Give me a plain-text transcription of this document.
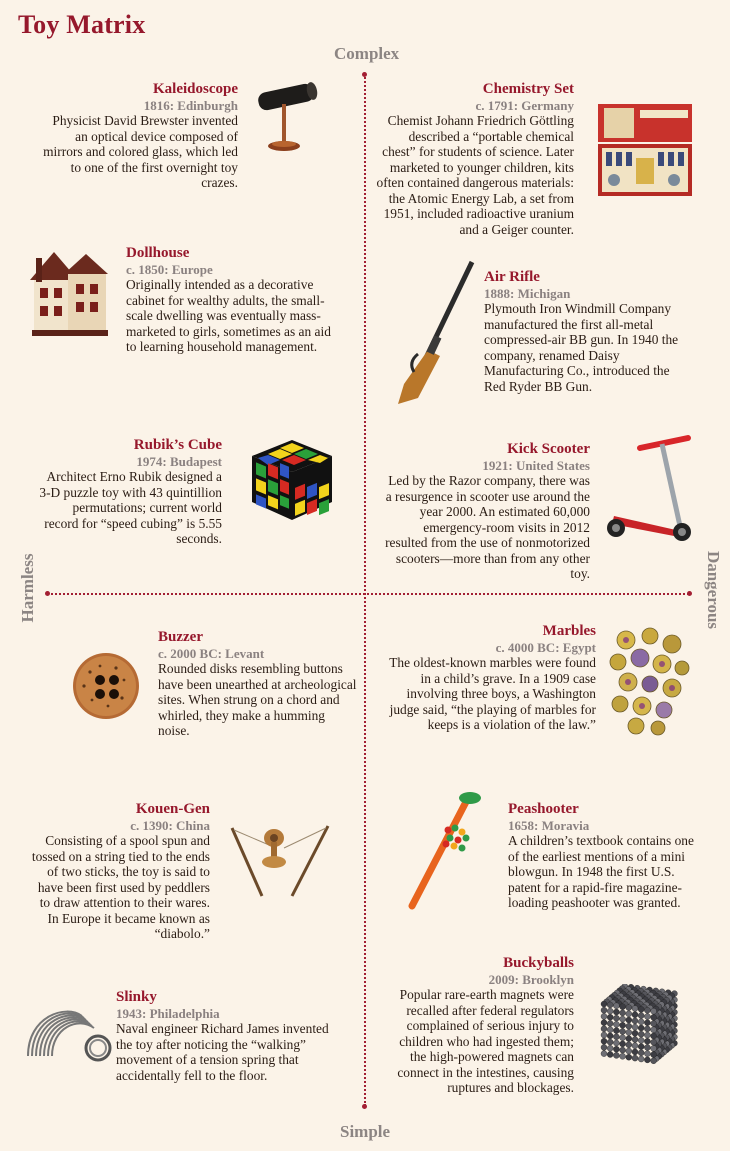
Toy Matrix
Complex
Simple
Harmless	Dangerous
Kaleidoscope
1816: Edinburgh
Physicist David Brewster invented an optical device composed of mirrors and colored glass, which led to one of the first overnight toy crazes.
Chemistry Set
c. 1791: Germany
Chemist Johann Friedrich Göttling described a “portable chemical chest” for students of science. Later marketed to younger children, kits often contained dangerous materials: the Atomic Energy Lab, a set from 1951, included radioactive uranium and a Geiger counter.
Dollhouse
c. 1850: Europe
Originally intended as a decorative cabinet for wealthy adults, the small-scale dwelling was eventually mass-marketed to girls, sometimes as an aid to learning household management.
Air Rifle
1888: Michigan
Plymouth Iron Windmill Company manufactured the first all-metal compressed-air BB gun. In 1940 the company, renamed Daisy Manufacturing Co., introduced the Red Ryder BB Gun.
Rubik’s Cube
1974: Budapest
Architect Erno Rubik designed a 3-D puzzle toy with 43 quintillion permutations; current world record for “speed cubing” is 5.55 seconds.
Kick Scooter
1921: United States
Led by the Razor company, there was a resurgence in scooter use around the year 2000. An estimated 60,000 emergency-room visits in 2012 resulted from the use of nonmotorized scooters—more than from any other toy.
Buzzer
c. 2000 BC: Levant
Rounded disks resembling buttons have been unearthed at archeological sites. When strung on a chord and whirled, they make a humming noise.
Marbles
c. 4000 BC: Egypt
The oldest-known marbles were found in a child’s grave. In a 1909 case involving three boys, a Washington judge said, “the playing of marbles for keeps is a violation of the law.”
Kouen-Gen
c. 1390: China
Consisting of a spool spun and tossed on a string tied to the ends of two sticks, the toy is said to have been first used by peddlers to draw attention to their wares. In Europe it became known as “diabolo.”
Peashooter
1658: Moravia
A children’s textbook contains one of the earliest mentions of a mini blowgun. In 1948 the first U.S. patent for a rapid-fire magazine-loading peashooter was granted.
Slinky
1943: Philadelphia
Naval engineer Richard James invented the toy after noticing the “walking” movement of a tension spring that accidentally fell to the floor.
Buckyballs
2009: Brooklyn
Popular rare-earth magnets were recalled after federal regulators complained of serious injury to children who had ingested them; the high-powered magnets can connect in the intestines, causing ruptures and blockages.
